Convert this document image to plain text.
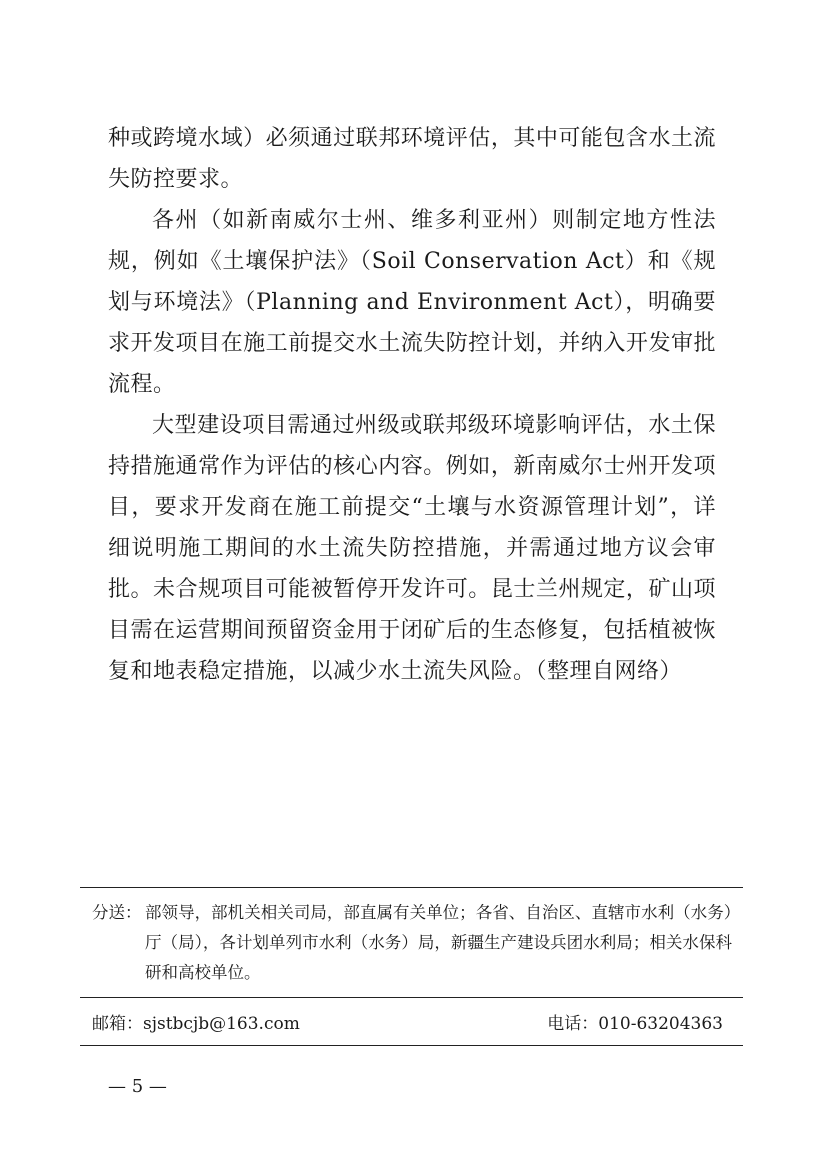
种或跨境水域）必须通过联邦环境评估，其中可能包含水土流失防控要求。

各州（如新南威尔士州、维多利亚州）则制定地方性法规，例如《土壤保护法》（Soil Conservation Act）和《规划与环境法》（Planning and Environment Act），明确要求开发项目在施工前提交水土流失防控计划，并纳入开发审批流程。

大型建设项目需通过州级或联邦级环境影响评估，水土保持措施通常作为评估的核心内容。例如，新南威尔士州开发项目，要求开发商在施工前提交“土壤与水资源管理计划”，详细说明施工期间的水土流失防控措施，并需通过地方议会审批。未合规项目可能被暂停开发许可。昆士兰州规定，矿山项目需在运营期间预留资金用于闭矿后的生态修复，包括植被恢复和地表稳定措施，以减少水土流失风险。（整理自网络）

分送： 部领导，部机关相关司局，部直属有关单位；各省、自治区、直辖市水利（水务）厅（局），各计划单列市水利（水务）局，新疆生产建设兵团水利局；相关水保科研和高校单位。
邮箱：sjstbcjb@163.com	电话：010-63204363
— 5 —
